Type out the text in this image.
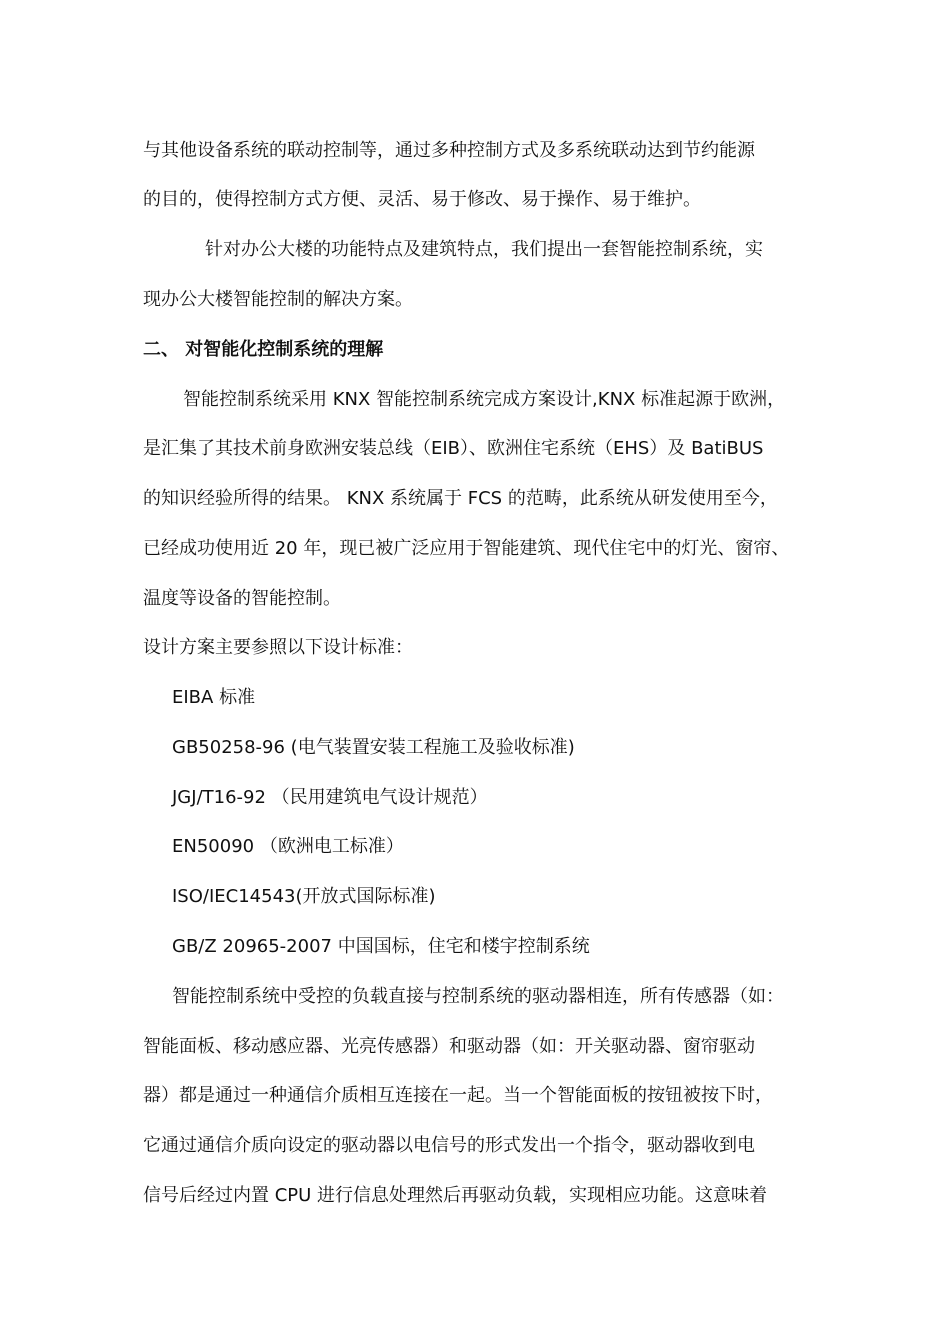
与其他设备系统的联动控制等，通过多种控制方式及多系统联动达到节约能源

的目的，使得控制方式方便、灵活、易于修改、易于操作、易于维护。

针对办公大楼的功能特点及建筑特点，我们提出一套智能控制系统，实

现办公大楼智能控制的解决方案。

二、 对智能化控制系统的理解

智能控制系统采用 KNX 智能控制系统完成方案设计,KNX 标准起源于欧洲，

是汇集了其技术前身欧洲安装总线（EIB）、欧洲住宅系统（EHS）及 BatiBUS

的知识经验所得的结果。 KNX 系统属于 FCS 的范畴，此系统从研发使用至今，

已经成功使用近 20 年，现已被广泛应用于智能建筑、现代住宅中的灯光、窗帘、

温度等设备的智能控制。

设计方案主要参照以下设计标准：

EIBA 标准

GB50258-96 (电气装置安装工程施工及验收标准)

JGJ/T16-92 （民用建筑电气设计规范）

EN50090 （欧洲电工标准）

ISO/IEC14543(开放式国际标准)

GB/Z 20965-2007 中国国标，住宅和楼宇控制系统

智能控制系统中受控的负载直接与控制系统的驱动器相连，所有传感器（如：

智能面板、移动感应器、光亮传感器）和驱动器（如：开关驱动器、窗帘驱动

器）都是通过一种通信介质相互连接在一起。当一个智能面板的按钮被按下时，

它通过通信介质向设定的驱动器以电信号的形式发出一个指令，驱动器收到电

信号后经过内置 CPU 进行信息处理然后再驱动负载，实现相应功能。这意味着
